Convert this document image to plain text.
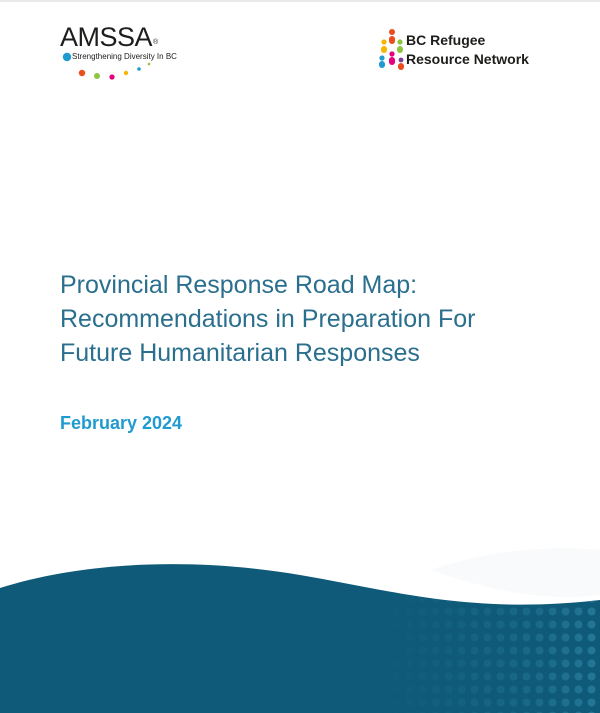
AMSSA®
Strengthening Diversity In BC
BC Refugee
Resource Network
Provincial Response Road Map:
Recommendations in Preparation For
Future Humanitarian Responses
February 2024
